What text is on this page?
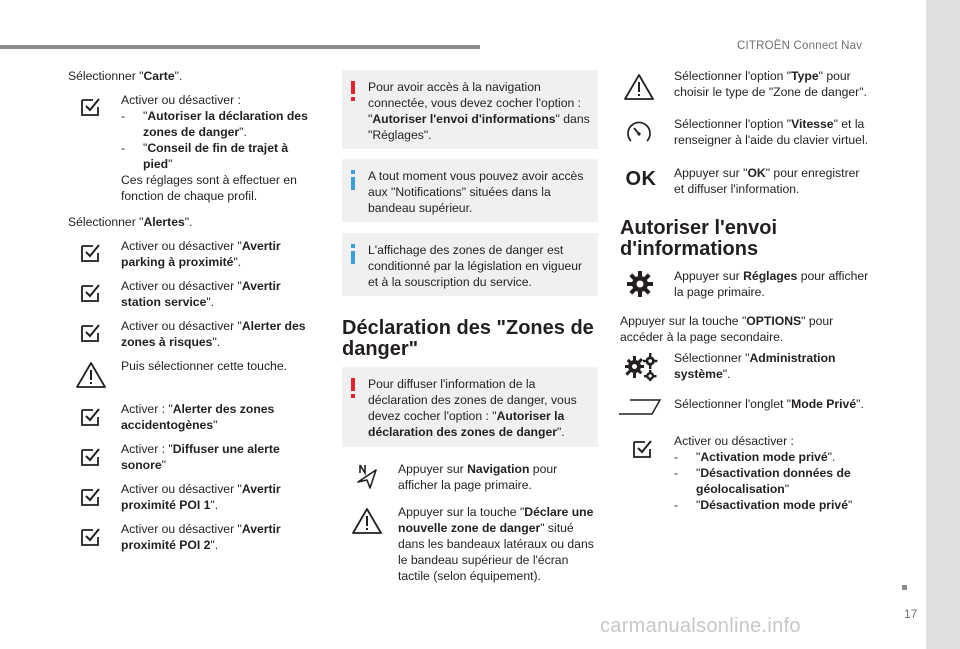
CITROËN Connect Nav
17
carmanualsonline.info
Sélectionner "Carte".
Activer ou désactiver :
- "Autoriser la déclaration des zones de danger".
- "Conseil de fin de trajet à pied"
Ces réglages sont à effectuer en fonction de chaque profil.
Sélectionner "Alertes".
Activer ou désactiver "Avertir parking à proximité".
Activer ou désactiver "Avertir station service".
Activer ou désactiver "Alerter des zones à risques".
Puis sélectionner cette touche.
Activer : "Alerter des zones accidentogènes"
Activer : "Diffuser une alerte sonore"
Activer ou désactiver "Avertir proximité POI 1".
Activer ou désactiver "Avertir proximité POI 2".
Pour avoir accès à la navigation connectée, vous devez cocher l'option : "Autoriser l'envoi d'informations" dans "Réglages".
A tout moment vous pouvez avoir accès aux "Notifications" situées dans la bandeau supérieur.
L'affichage des zones de danger est conditionné par la législation en vigueur et à la souscription du service.
Déclaration des "Zones de danger"
Pour diffuser l'information de la déclaration des zones de danger, vous devez cocher l'option : "Autoriser la déclaration des zones de danger".
Appuyer sur Navigation pour afficher la page primaire.
Appuyer sur la touche "Déclare une nouvelle zone de danger" situé dans les bandeaux latéraux ou dans le bandeau supérieur de l'écran tactile (selon équipement).
Sélectionner l'option "Type" pour choisir le type de "Zone de danger".
Sélectionner l'option "Vitesse" et la renseigner à l'aide du clavier virtuel.
OK	Appuyer sur "OK" pour enregistrer et diffuser l'information.
Autoriser l'envoi d'informations
Appuyer sur Réglages pour afficher la page primaire.
Appuyer sur la touche "OPTIONS" pour accéder à la page secondaire.
Sélectionner "Administration système".
Sélectionner l'onglet "Mode Privé".
Activer ou désactiver :
- "Activation mode privé".
- "Désactivation données de géolocalisation"
- "Désactivation mode privé"
